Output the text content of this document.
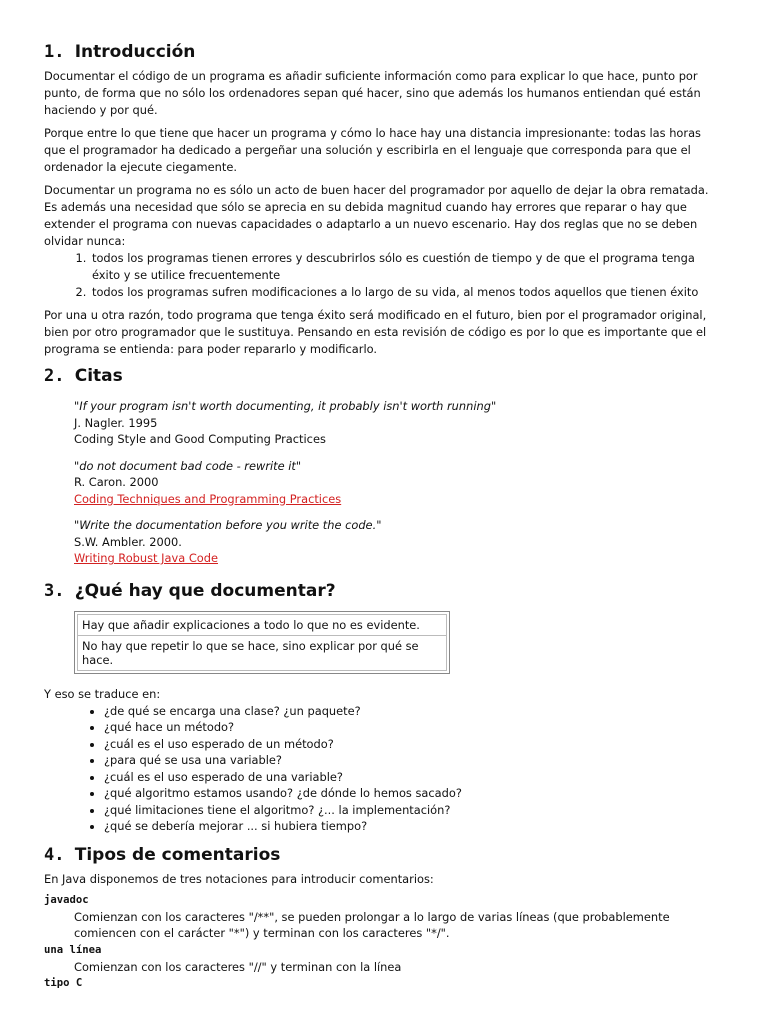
1. Introducción

Documentar el código de un programa es añadir suficiente información como para explicar lo que hace, punto por punto, de forma que no sólo los ordenadores sepan qué hacer, sino que además los humanos entiendan qué están haciendo y por qué.

Porque entre lo que tiene que hacer un programa y cómo lo hace hay una distancia impresionante: todas las horas que el programador ha dedicado a pergeñar una solución y escribirla en el lenguaje que corresponda para que el ordenador la ejecute ciegamente.

Documentar un programa no es sólo un acto de buen hacer del programador por aquello de dejar la obra rematada. Es además una necesidad que sólo se aprecia en su debida magnitud cuando hay errores que reparar o hay que extender el programa con nuevas capacidades o adaptarlo a un nuevo escenario. Hay dos reglas que no se deben olvidar nunca:

1. todos los programas tienen errores y descubrirlos sólo es cuestión de tiempo y de que el programa tenga éxito y se utilice frecuentemente
2. todos los programas sufren modificaciones a lo largo de su vida, al menos todos aquellos que tienen éxito

Por una u otra razón, todo programa que tenga éxito será modificado en el futuro, bien por el programador original, bien por otro programador que le sustituya. Pensando en esta revisión de código es por lo que es importante que el programa se entienda: para poder repararlo y modificarlo.

2. Citas
"If your program isn't worth documenting, it probably isn't worth running"
J. Nagler. 1995
Coding Style and Good Computing Practices
"do not document bad code - rewrite it"
R. Caron. 2000
Coding Techniques and Programming Practices
"Write the documentation before you write the code."
S.W. Ambler. 2000.
Writing Robust Java Code
3. ¿Qué hay que documentar?
Hay que añadir explicaciones a todo lo que no es evidente.
No hay que repetir lo que se hace, sino explicar por qué se hace.

Y eso se traduce en:

• ¿de qué se encarga una clase? ¿un paquete?
• ¿qué hace un método?
• ¿cuál es el uso esperado de un método?
• ¿para qué se usa una variable?
• ¿cuál es el uso esperado de una variable?
• ¿qué algoritmo estamos usando? ¿de dónde lo hemos sacado?
• ¿qué limitaciones tiene el algoritmo? ¿... la implementación?
• ¿qué se debería mejorar ... si hubiera tiempo?
4. Tipos de comentarios

En Java disponemos de tres notaciones para introducir comentarios:

javadoc
Comienzan con los caracteres "/**", se pueden prolongar a lo largo de varias líneas (que probablemente comiencen con el carácter "*") y terminan con los caracteres "*/".
una línea
Comienzan con los caracteres "//" y terminan con la línea
tipo C
